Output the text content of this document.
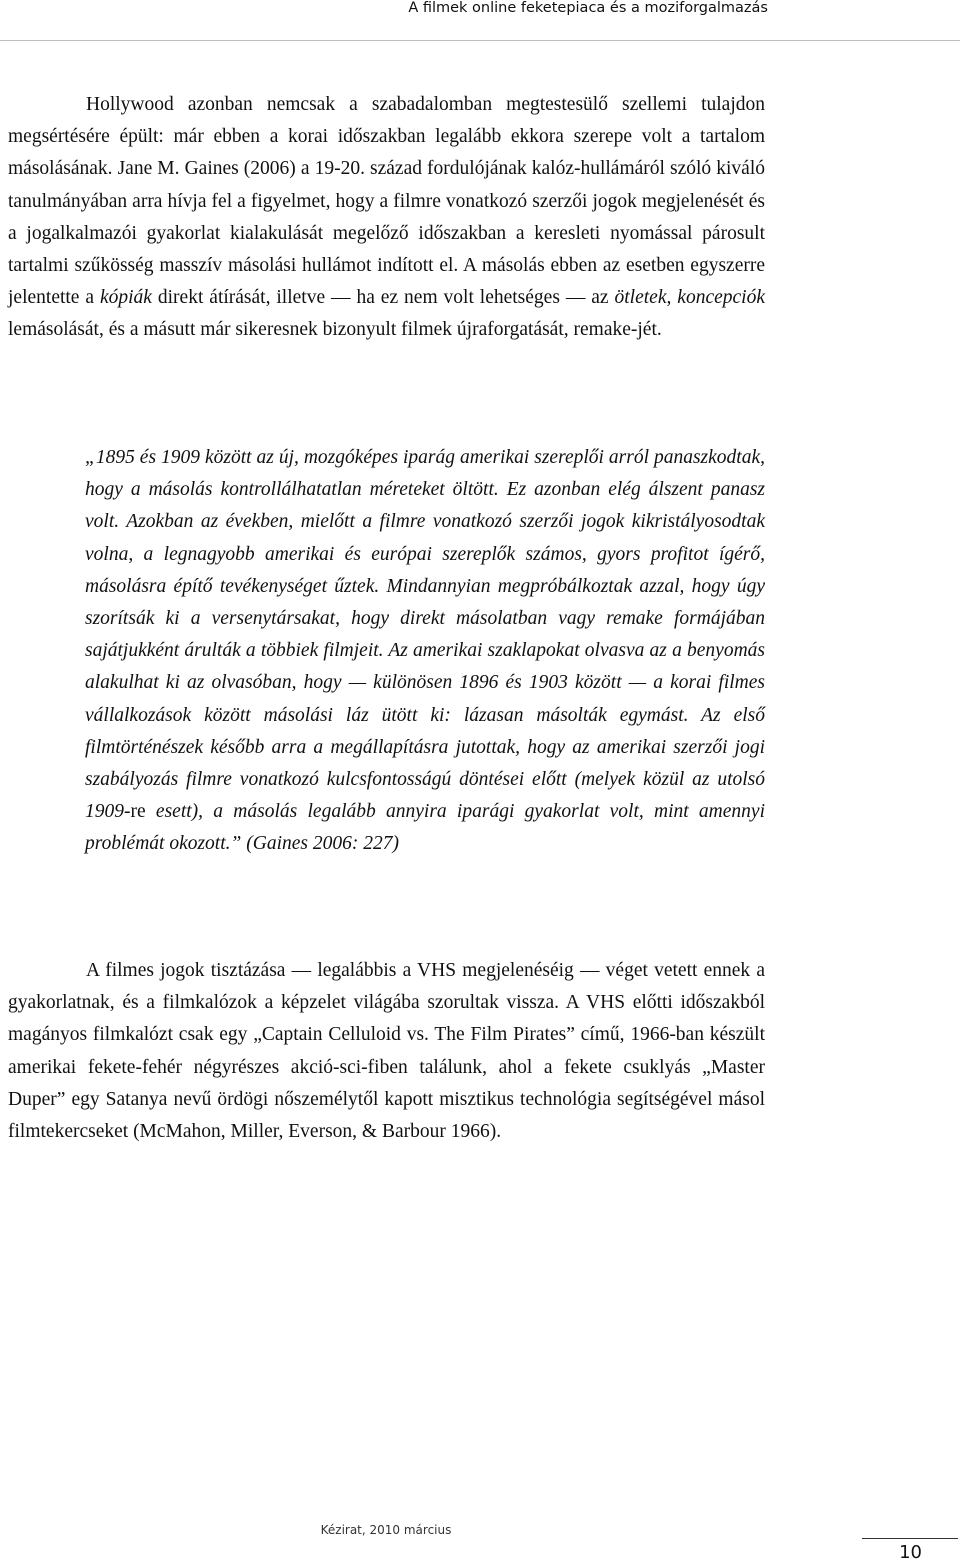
A filmek online feketepiaca és a moziforgalmazás

Hollywood azonban nemcsak a szabadalomban megtestesülő szellemi tulajdon megsértésére épült: már ebben a korai időszakban legalább ekkora szerepe volt a tartalom másolásának. Jane M. Gaines (2006) a 19-20. század fordulójának kalóz-hullámáról szóló kiváló tanulmányában arra hívja fel a figyelmet, hogy a filmre vonatkozó szerzői jogok megjelenését és a jogalkalmazói gyakorlat kialakulását megelőző időszakban a keresleti nyomással párosult tartalmi szűkösség masszív másolási hullámot indított el. A másolás ebben az esetben egyszerre jelentette a kópiák direkt átírását, illetve — ha ez nem volt lehetséges — az ötletek, koncepciók lemásolását, és a másutt már sikeresnek bizonyult filmek újraforgatását, remake-jét.

„1895 és 1909 között az új, mozgóképes iparág amerikai szereplői arról panaszkodtak, hogy a másolás kontrollálhatatlan méreteket öltött. Ez azonban elég álszent panasz volt. Azokban az években, mielőtt a filmre vonatkozó szerzői jogok kikristályosodtak volna, a legnagyobb amerikai és európai szereplők számos, gyors profitot ígérő, másolásra építő tevékenységet űztek. Mindannyian megpróbálkoztak azzal, hogy úgy szorítsák ki a versenytársakat, hogy direkt másolatban vagy remake formájában sajátjukként árulták a többiek filmjeit. Az amerikai szaklapokat olvasva az a benyomás alakulhat ki az olvasóban, hogy — különösen 1896 és 1903 között — a korai filmes vállalkozások között másolási láz ütött ki: lázasan másolták egymást. Az első filmtörténészek később arra a megállapításra jutottak, hogy az amerikai szerzői jogi szabályozás filmre vonatkozó kulcsfontosságú döntései előtt (melyek közül az utolsó 1909-re esett), a másolás legalább annyira iparági gyakorlat volt, mint amennyi problémát okozott.” (Gaines 2006: 227)

A filmes jogok tisztázása — legalábbis a VHS megjelenéséig — véget vetett ennek a gyakorlatnak, és a filmkalózok a képzelet világába szorultak vissza. A VHS előtti időszakból magányos filmkalózt csak egy „Captain Celluloid vs. The Film Pirates” című, 1966-ban készült amerikai fekete-fehér négyrészes akció-sci-fiben találunk, ahol a fekete csuklyás „Master Duper” egy Satanya nevű ördögi nőszemélytől kapott misztikus technológia segítségével másol filmtekercseket (McMahon, Miller, Everson, & Barbour 1966).

Kézirat, 2010 március
10
